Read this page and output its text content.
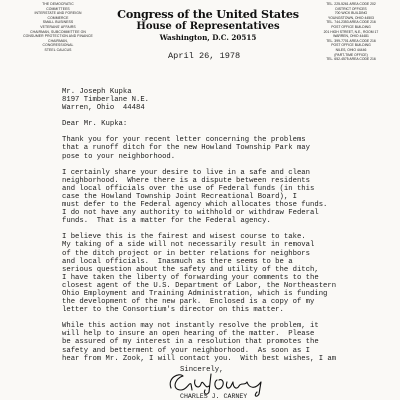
THE DEMOCRATIC
COMMITTEES
INTERSTATE AND FOREIGN
COMMERCE
SMALL BUSINESS
VETERANS' AFFAIRS
CHAIRMAN, SUBCOMMITTEE ON
CONSUMER PROTECTION AND FINANCE
CHAIRMAN,
CONGRESSIONAL
STEEL CAUCUS
Congress of the United States
House of Representatives
Washington, D.C. 20515
TEL. 225-5261 AREA CODE 202
DISTRICT OFFICES
700 WICK BUILDING
YOUNGSTOWN, OHIO 44503
TEL. 744-2353 AREA CODE 216
POST OFFICE BUILDING
201 HIGH STREET, N.E., ROOM 17
WARREN, OHIO 44481
TEL. 399-7701 AREA CODE 216
POST OFFICE BUILDING
NILES, OHIO 44446
(PART-TIME OFFICE)
TEL. 652-4575 AREA CODE 216
April 26, 1978
Mr. Joseph Kupka
8197 Timberlane N.E.
Warren, Ohio  44484
Dear Mr. Kupka:
Thank you for your recent letter concerning the problems
that a runoff ditch for the new Howland Township Park may
pose to your neighborhood.
I certainly share your desire to live in a safe and clean
neighborhood.  Where there is a dispute between residents
and local officials over the use of Federal funds (in this
case the Howland Township Joint Recreational Board), I
must defer to the Federal agency which allocates those funds.
I do not have any authority to withhold or withdraw Federal
funds.  That is a matter for the Federal agency.
I believe this is the fairest and wisest course to take.
My taking of a side will not necessarily result in removal
of the ditch project or in better relations for neighbors
and local officials.  Inasmuch as there seems to be a
serious question about the safety and utility of the ditch,
I have taken the liberty of forwarding your comments to the
closest agent of the U.S. Department of Labor, the Northeastern
Ohio Employment and Training Administration, which is funding
the development of the new park.  Enclosed is a copy of my
letter to the Consortium's director on this matter.
While this action may not instantly resolve the problem, it
will help to insure an open hearing of the matter.  Please
be assured of my interest in a resolution that promotes the
safety and betterment of your neighborhood.  As soon as I
hear from Mr. Zook, I will contact you.  With best wishes, I am
Sincerely,
CHARLES J. CARNEY
